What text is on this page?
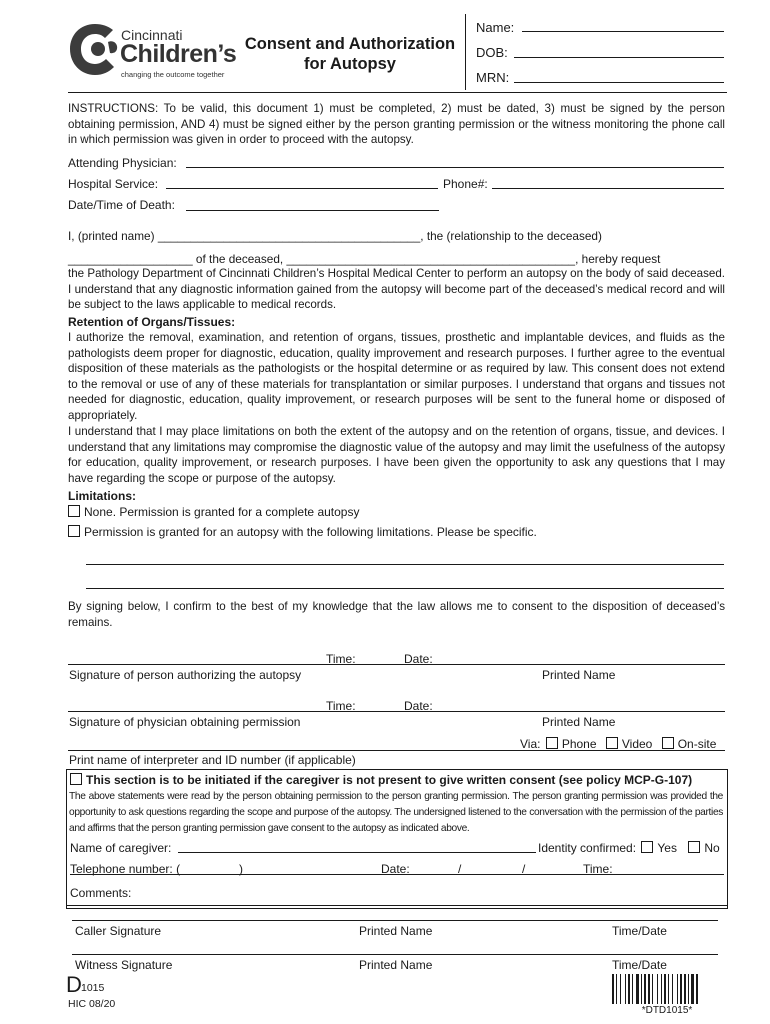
Cincinnati
Children’s
changing the outcome together
Consent and Authorization
for Autopsy
Name:
DOB:
MRN:
INSTRUCTIONS: To be valid, this document 1) must be completed, 2) must be dated, 3) must be signed by the person obtaining permission, AND 4) must be signed either by the person granting permission or the witness monitoring the phone call in which permission was given in order to proceed with the autopsy.
Attending Physician:
Hospital Service:	Phone#:
Date/Time of Death:
I, (printed name) ________________________________________, the (relationship to the deceased)
___________________ of the deceased, ____________________________________________, hereby request
the Pathology Department of Cincinnati Children’s Hospital Medical Center to perform an autopsy on the body of said deceased. I understand that any diagnostic information gained from the autopsy will become part of the deceased’s medical record and will be subject to the laws applicable to medical records.
Retention of Organs/Tissues:
I authorize the removal, examination, and retention of organs, tissues, prosthetic and implantable devices, and fluids as the pathologists deem proper for diagnostic, education, quality improvement and research purposes. I further agree to the eventual disposition of these materials as the pathologists or the hospital determine or as required by law. This consent does not extend to the removal or use of any of these materials for transplantation or similar purposes. I understand that organs and tissues not needed for diagnostic, education, quality improvement, or research purposes will be sent to the funeral home or disposed of appropriately.
I understand that I may place limitations on both the extent of the autopsy and on the retention of organs, tissue, and devices. I understand that any limitations may compromise the diagnostic value of the autopsy and may limit the usefulness of the autopsy for education, quality improvement, or research purposes. I have been given the opportunity to ask any questions that I may have regarding the scope or purpose of the autopsy.
Limitations:
None. Permission is granted for a complete autopsy
Permission is granted for an autopsy with the following limitations. Please be specific.
By signing below, I confirm to the best of my knowledge that the law allows me to consent to the disposition of deceased’s remains.
Time:	Date:
Signature of person authorizing the autopsy	Printed Name
Time:	Date:
Signature of physician obtaining permission	Printed Name
Via: Phone Video On-site
Print name of interpreter and ID number (if applicable)
This section is to be initiated if the caregiver is not present to give written consent (see policy MCP-G-107)
The above statements were read by the person obtaining permission to the person granting permission. The person granting permission was provided the opportunity to ask questions regarding the scope and purpose of the autopsy. The undersigned listened to the conversation with the permission of the parties and affirms that the person granting permission gave consent to the autopsy as indicated above.
Name of caregiver:	Identity confirmed: Yes No
Telephone number: (	)	Date:	/	/	Time:
Comments:
Caller Signature	Printed Name	Time/Date
Witness Signature	Printed Name	Time/Date
D 1015
HIC 08/20
*DTD1015*
